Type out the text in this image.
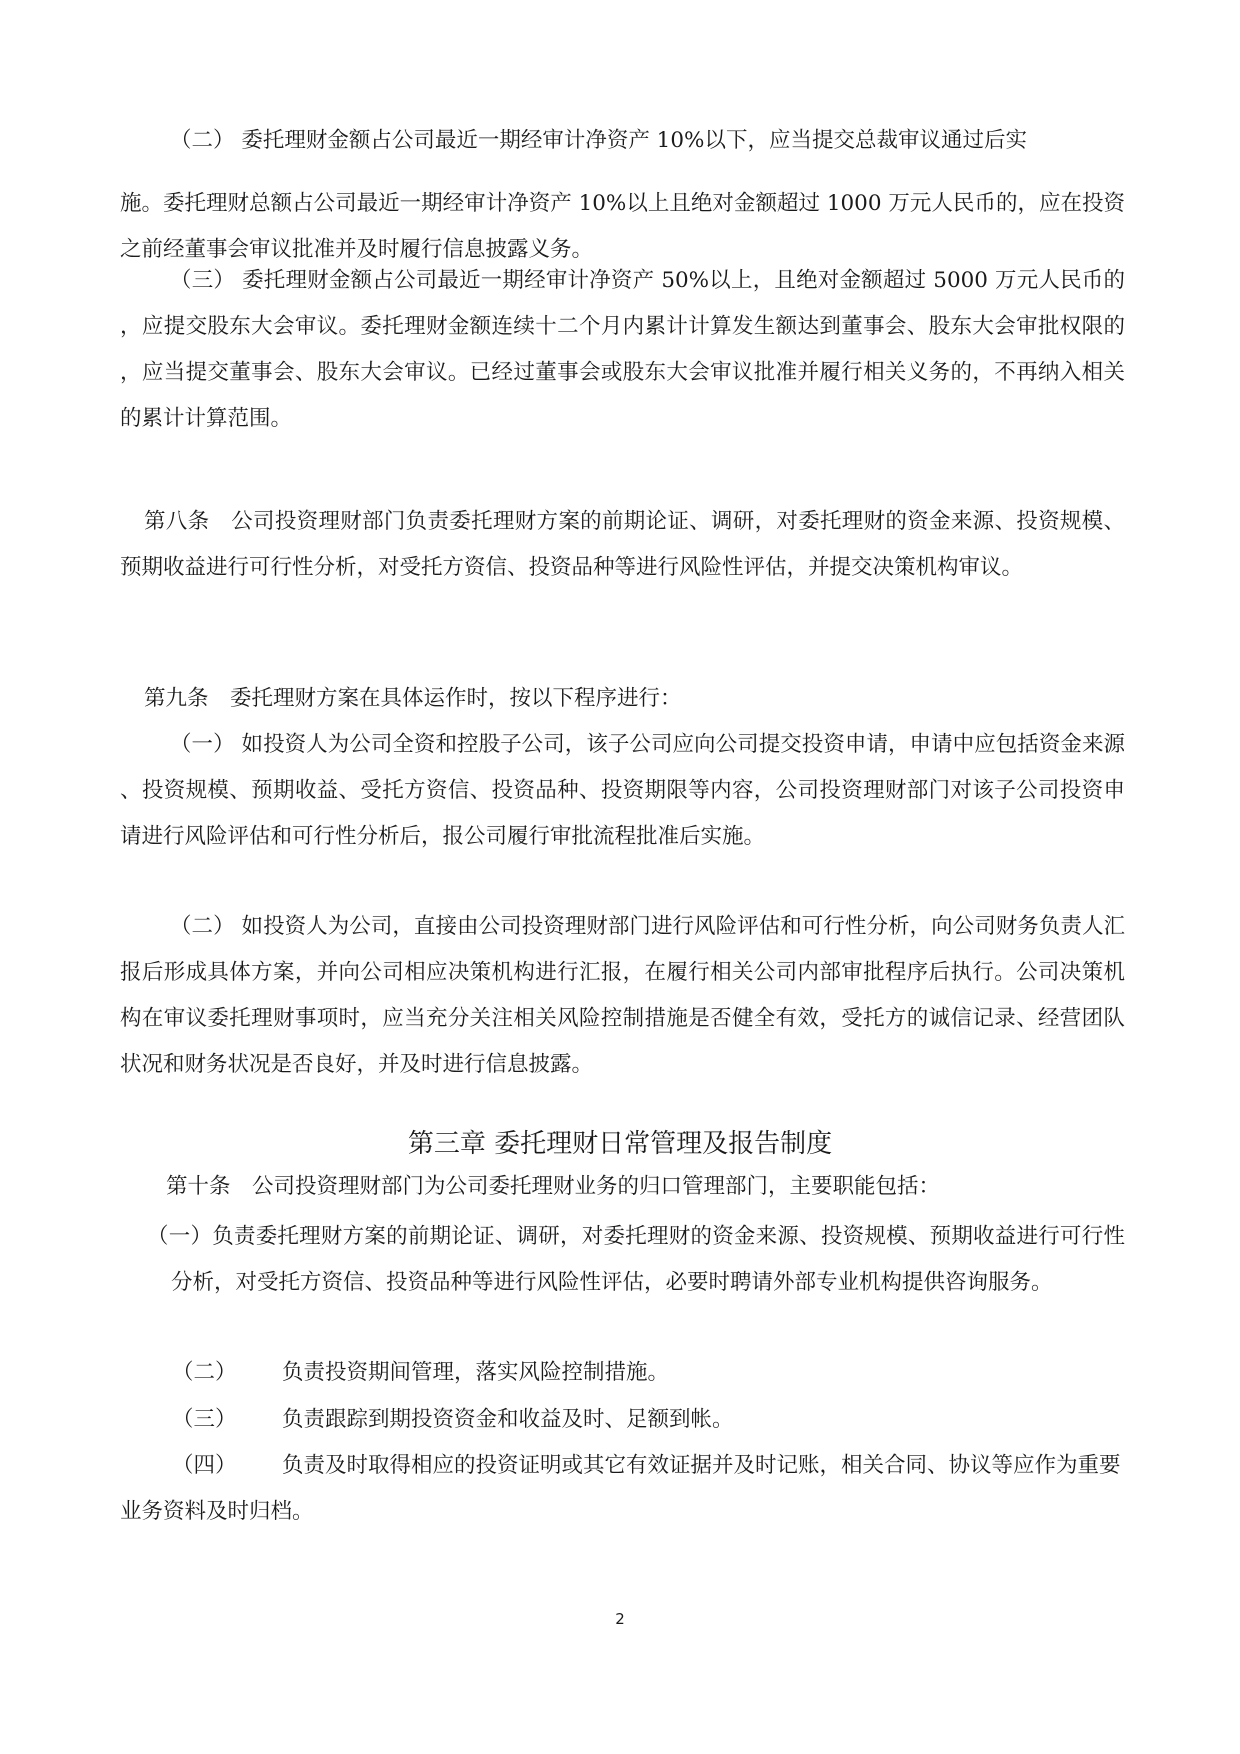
（二） 委托理财金额占公司最近一期经审计净资产 10%以下，应当提交总裁审议通过后实

施。委托理财总额占公司最近一期经审计净资产 10%以上且绝对金额超过 1000 万元人民币的，应在投资之前经董事会审议批准并及时履行信息披露义务。

（三） 委托理财金额占公司最近一期经审计净资产 50%以上，且绝对金额超过 5000 万元人民币的，应提交股东大会审议。委托理财金额连续十二个月内累计计算发生额达到董事会、股东大会审批权限的，应当提交董事会、股东大会审议。已经过董事会或股东大会审议批准并履行相关义务的，不再纳入相关的累计计算范围。

第八条　公司投资理财部门负责委托理财方案的前期论证、调研，对委托理财的资金来源、投资规模、预期收益进行可行性分析，对受托方资信、投资品种等进行风险性评估，并提交决策机构审议。

第九条　委托理财方案在具体运作时，按以下程序进行：

（一） 如投资人为公司全资和控股子公司，该子公司应向公司提交投资申请，申请中应包括资金来源、投资规模、预期收益、受托方资信、投资品种、投资期限等内容，公司投资理财部门对该子公司投资申请进行风险评估和可行性分析后，报公司履行审批流程批准后实施。

（二） 如投资人为公司，直接由公司投资理财部门进行风险评估和可行性分析，向公司财务负责人汇报后形成具体方案，并向公司相应决策机构进行汇报，在履行相关公司内部审批程序后执行。公司决策机构在审议委托理财事项时，应当充分关注相关风险控制措施是否健全有效，受托方的诚信记录、经营团队状况和财务状况是否良好，并及时进行信息披露。

第三章 委托理财日常管理及报告制度

第十条　公司投资理财部门为公司委托理财业务的归口管理部门，主要职能包括：

（一）负责委托理财方案的前期论证、调研，对委托理财的资金来源、投资规模、预期收益进行可行性分析，对受托方资信、投资品种等进行风险性评估，必要时聘请外部专业机构提供咨询服务。

（二） 负责投资期间管理，落实风险控制措施。

（三） 负责跟踪到期投资资金和收益及时、足额到帐。

（四） 负责及时取得相应的投资证明或其它有效证据并及时记账，相关合同、协议等应作为重要业务资料及时归档。

2
